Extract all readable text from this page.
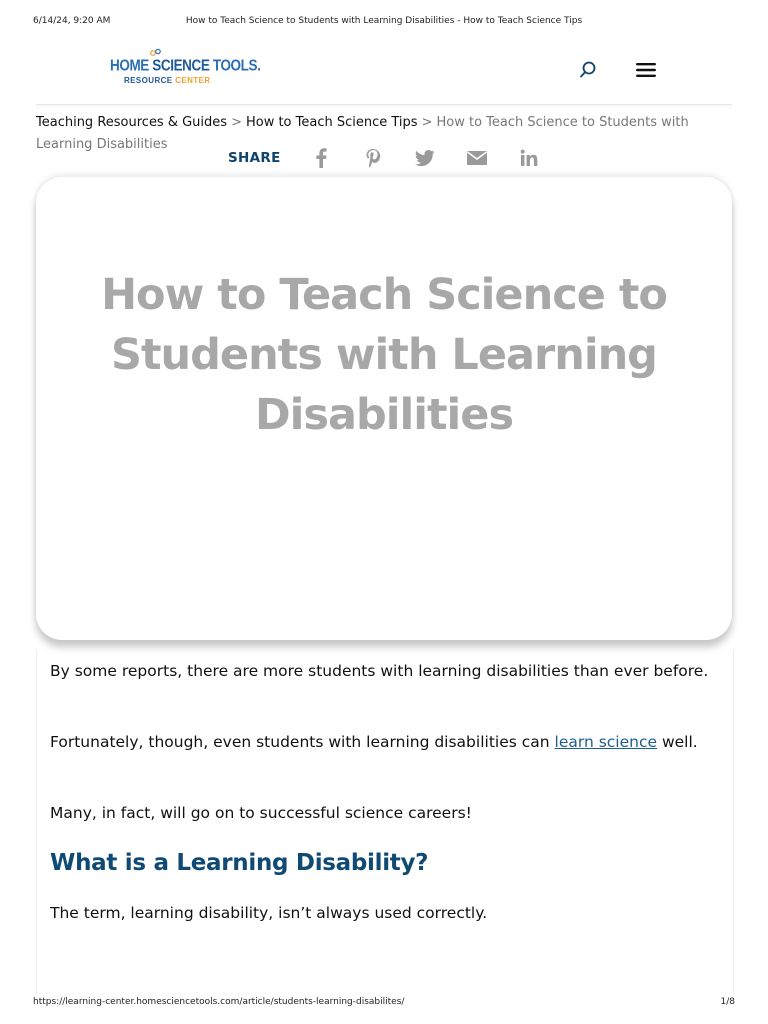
6/14/24, 9:20 AM	How to Teach Science to Students with Learning Disabilities - How to Teach Science Tips
HOME SCIENCE TOOLS.
RESOURCE CENTER
Teaching Resources & Guides > How to Teach Science Tips > How to Teach Science to Students with Learning Disabilities
SHARE
How to Teach Science to Students with Learning Disabilities

By some reports, there are more students with learning disabilities than ever before.

Fortunately, though, even students with learning disabilities can learn science well.

Many, in fact, will go on to successful science careers!

What is a Learning Disability?

The term, learning disability, isn’t always used correctly.

https://learning-center.homesciencetools.com/article/students-learning-disabilites/	1/8
